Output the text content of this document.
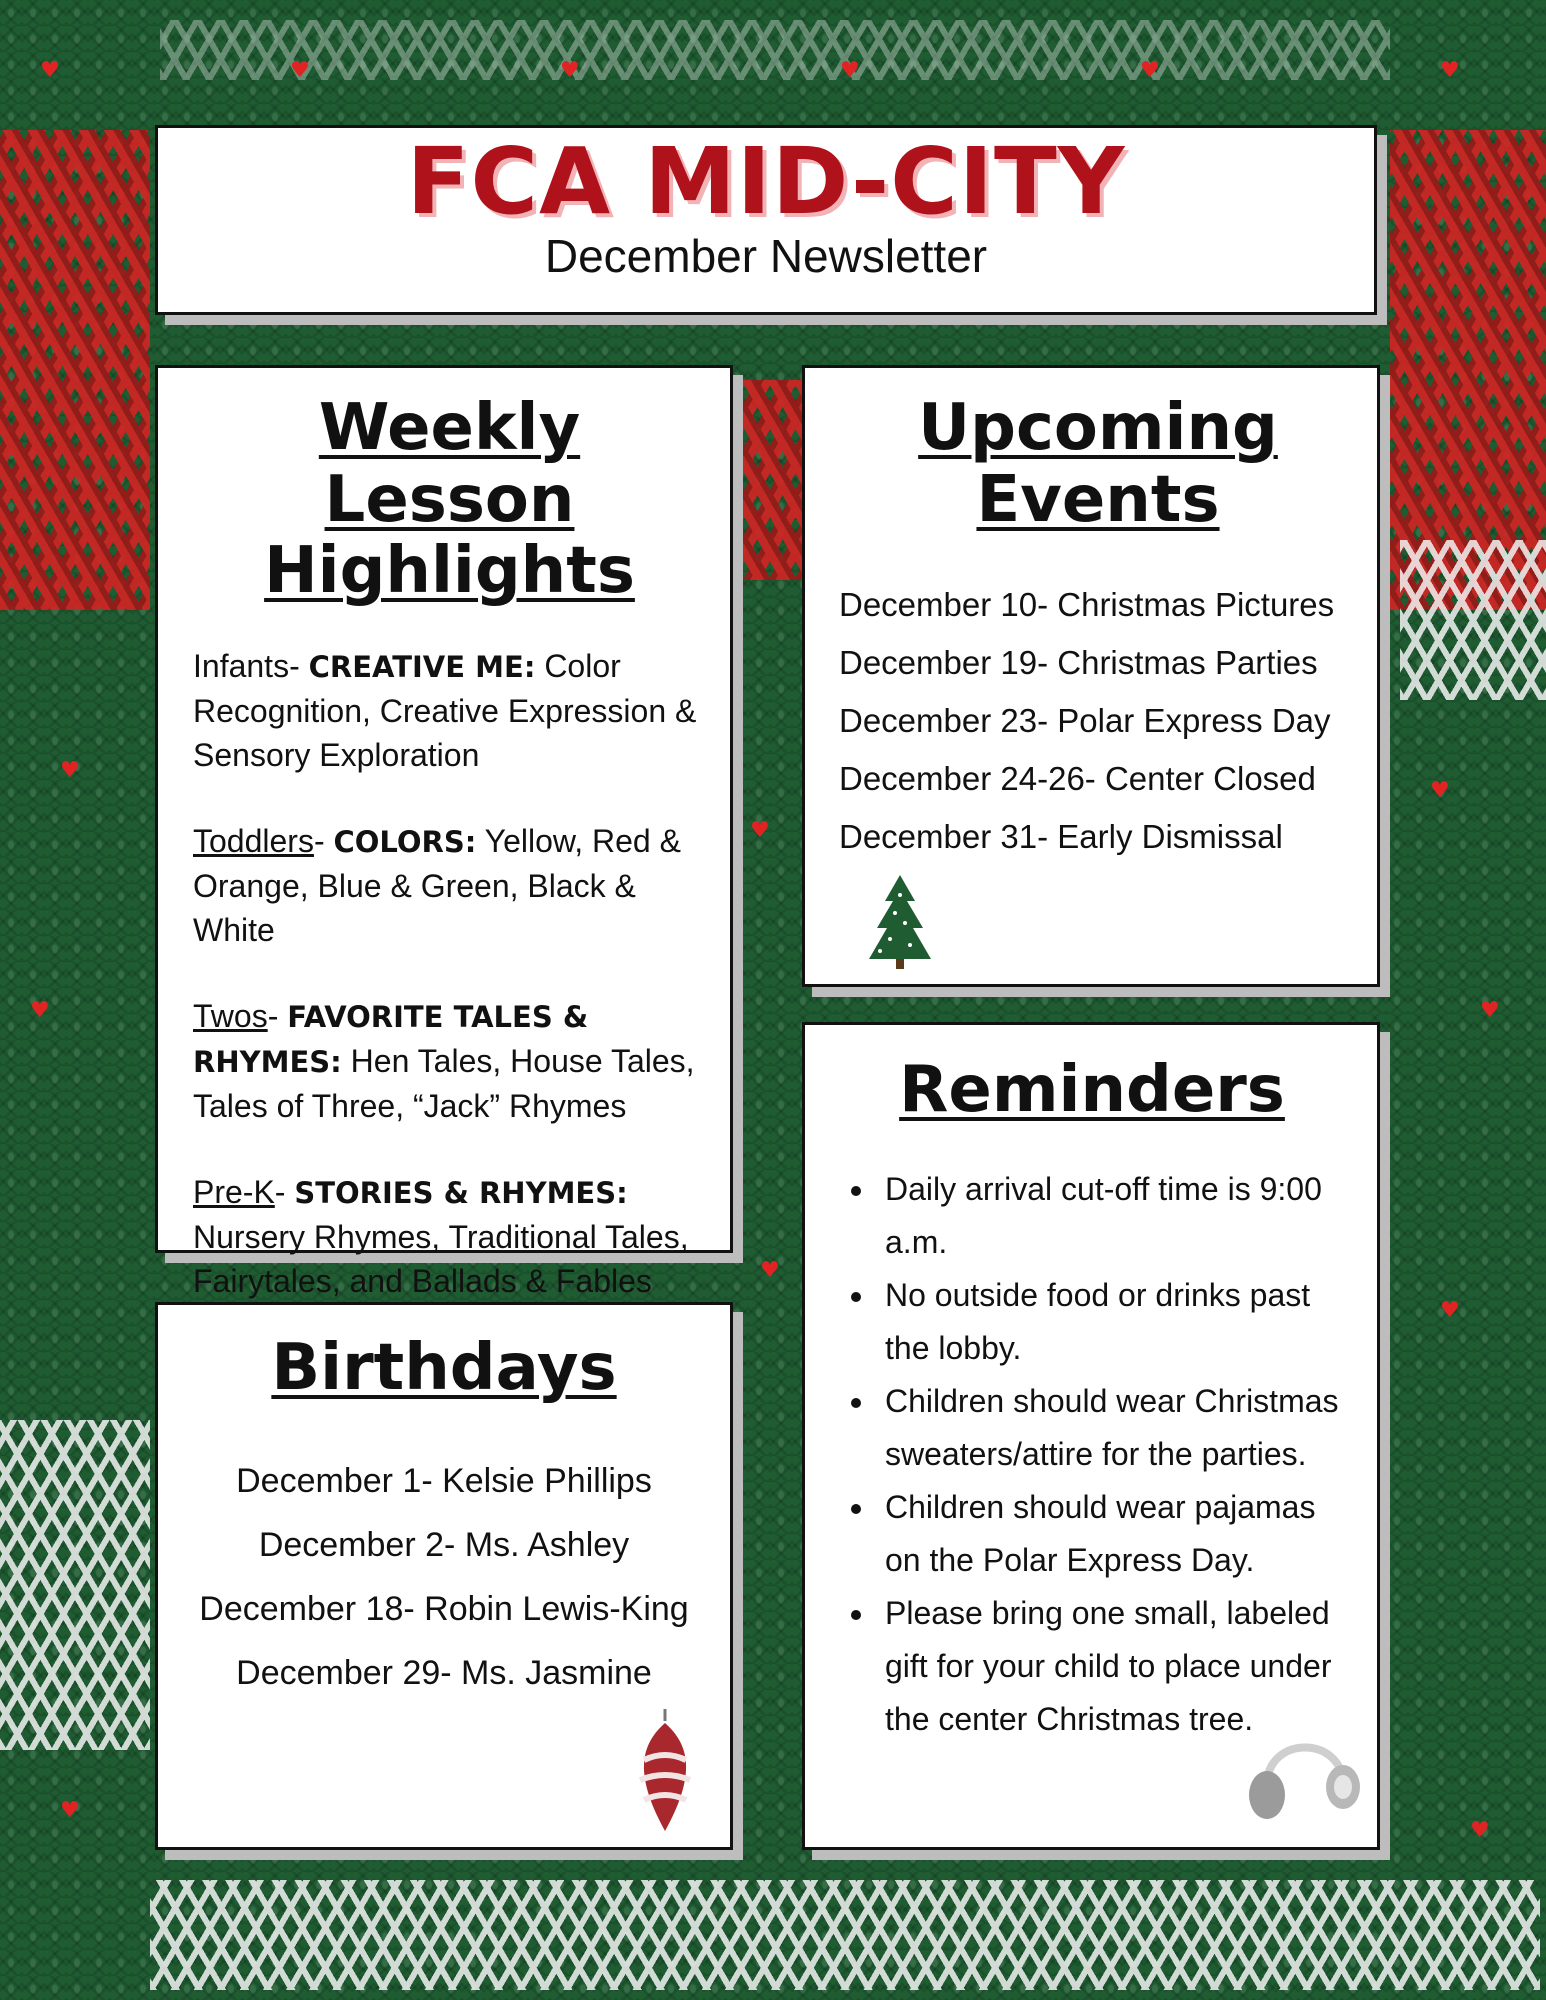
♥	♥	♥	♥	♥	♥
♥
♥
♥
♥
♥
♥
♥
♥
♥
FCA MID-CITY
December Newsletter
Weekly Lesson
Highlights
Infants- CREATIVE ME: Color Recognition, Creative Expression & Sensory Exploration
Toddlers- COLORS: Yellow, Red & Orange, Blue & Green, Black & White
Twos- FAVORITE TALES & RHYMES: Hen Tales, House Tales, Tales of Three, “Jack” Rhymes
Pre-K- STORIES & RHYMES: Nursery Rhymes, Traditional Tales, Fairytales, and Ballads & Fables
Upcoming
Events
December 10- Christmas Pictures
December 19- Christmas Parties
December 23- Polar Express Day
December 24-26- Center Closed
December 31- Early Dismissal
Birthdays
December 1- Kelsie Phillips
December 2- Ms. Ashley
December 18- Robin Lewis-King
December 29- Ms. Jasmine
Reminders
• Daily arrival cut-off time is 9:00 a.m.
• No outside food or drinks past the lobby.
• Children should wear Christmas sweaters/attire for the parties.
• Children should wear pajamas on the Polar Express Day.
• Please bring one small, labeled gift for your child to place under the center Christmas tree.
